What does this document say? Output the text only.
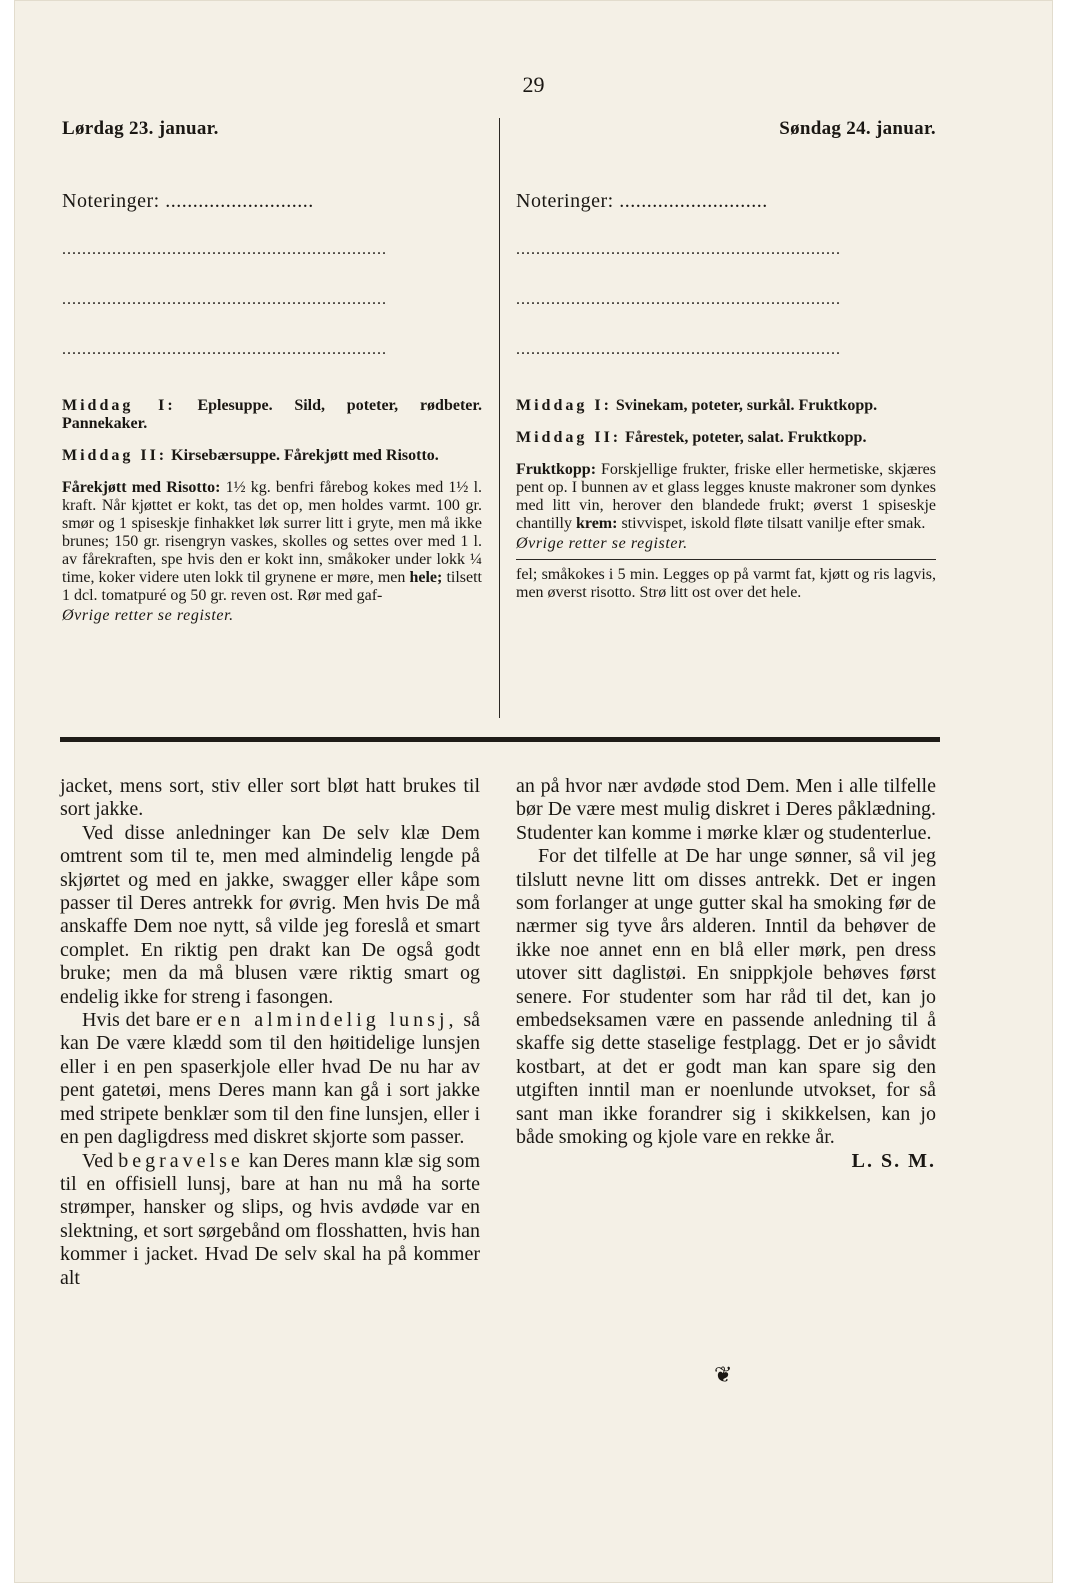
29

Lørdag 23. januar.

Noteringer: ...........................
.................................................................
.................................................................
.................................................................
Middag I: Eplesuppe. Sild, poteter, rødbeter. Pannekaker.
Middag II: Kirsebærsuppe. Fårekjøtt med Risotto.

Fårekjøtt med Risotto: 1½ kg. benfri fårebog kokes med 1½ l. kraft. Når kjøttet er kokt, tas det op, men holdes varmt. 100 gr. smør og 1 spiseskje finhakket løk surrer litt i gryte, men må ikke brunes; 150 gr. risengryn vaskes, skolles og settes over med 1 l. av fårekraften, spe hvis den er kokt inn, småkoker under lokk ¼ time, koker videre uten lokk til grynene er møre, men hele; tilsett 1 dcl. tomatpuré og 50 gr. reven ost. Rør med gaf-

Øvrige retter se register.

Søndag 24. januar.

Noteringer: ...........................
.................................................................
.................................................................
.................................................................
Middag I: Svinekam, poteter, surkål. Fruktkopp.
Middag II: Fårestek, poteter, salat. Fruktkopp.

Fruktkopp: Forskjellige frukter, friske eller hermetiske, skjæres pent op. I bunnen av et glass legges knuste makroner som dynkes med litt vin, herover den blandede frukt; øverst 1 spiseskje chantilly krem: stivvispet, iskold fløte tilsatt vanilje efter smak.

Øvrige retter se register.

fel; småkokes i 5 min. Legges op på varmt fat, kjøtt og ris lagvis, men øverst risotto. Strø litt ost over det hele.

jacket, mens sort, stiv eller sort bløt hatt brukes til sort jakke.

Ved disse anledninger kan De selv klæ Dem omtrent som til te, men med almindelig lengde på skjørtet og med en jakke, swagger eller kåpe som passer til Deres antrekk for øvrig. Men hvis De må anskaffe Dem noe nytt, så vilde jeg foreslå et smart complet. En riktig pen drakt kan De også godt bruke; men da må blusen være riktig smart og endelig ikke for streng i fasongen.

Hvis det bare er en almindelig lunsj, så kan De være klædd som til den høitidelige lunsjen eller i en pen spaserkjole eller hvad De nu har av pent gatetøi, mens Deres mann kan gå i sort jakke med stripete benklær som til den fine lunsjen, eller i en pen dagligdress med diskret skjorte som passer.

Ved begravelse kan Deres mann klæ sig som til en offisiell lunsj, bare at han nu må ha sorte strømper, hansker og slips, og hvis avdøde var en slektning, et sort sørgebånd om flosshatten, hvis han kommer i jacket. Hvad De selv skal ha på kommer alt

an på hvor nær avdøde stod Dem. Men i alle tilfelle bør De være mest mulig diskret i Deres påklædning. Studenter kan komme i mørke klær og studenterlue.

For det tilfelle at De har unge sønner, så vil jeg tilslutt nevne litt om disses antrekk. Det er ingen som forlanger at unge gutter skal ha smoking før de nærmer sig tyve års alderen. Inntil da behøver de ikke noe annet enn en blå eller mørk, pen dress utover sitt daglistøi. En snippkjole behøves først senere. For studenter som har råd til det, kan jo embedseksamen være en passende anledning til å skaffe sig dette staselige festplagg. Det er jo såvidt kostbart, at det er godt man kan spare sig den utgiften inntil man er noenlunde utvokset, for så sant man ikke forandrer sig i skikkelsen, kan jo både smoking og kjole vare en rekke år.

L. S. M.

❦
